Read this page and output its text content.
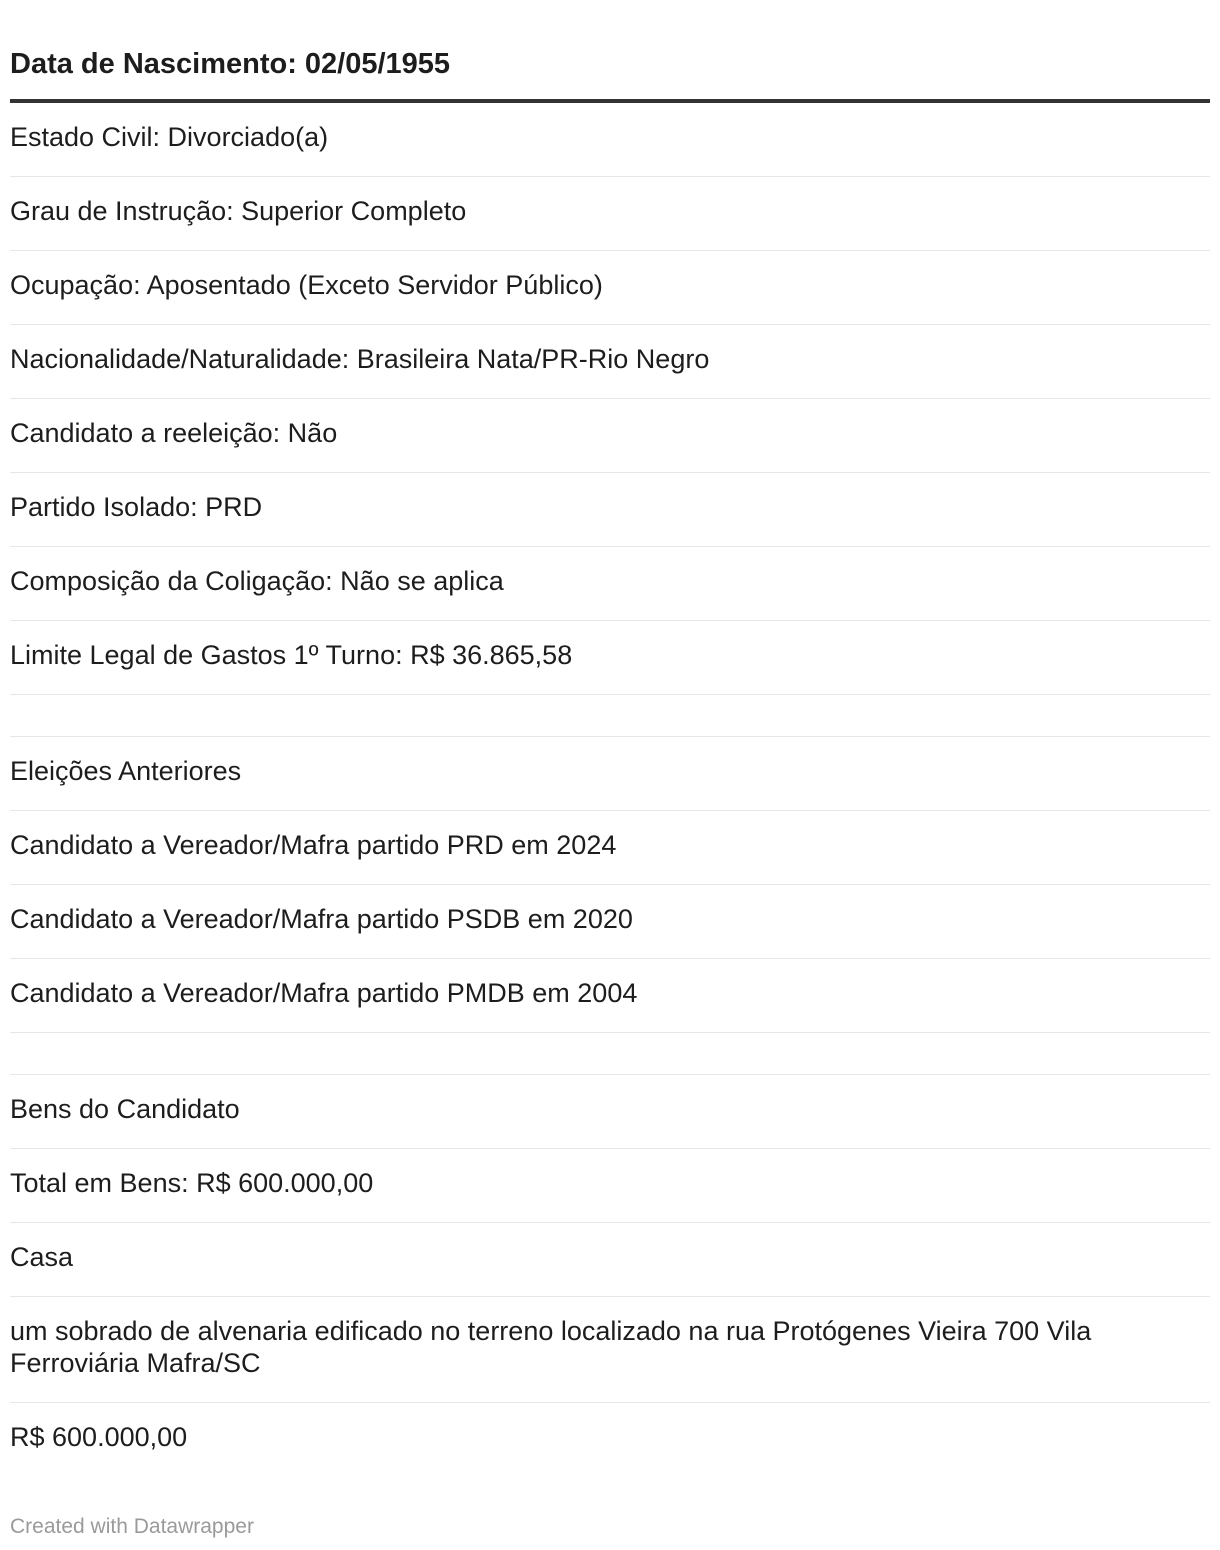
Data de Nascimento: 02/05/1955
Estado Civil: Divorciado(a)
Grau de Instrução: Superior Completo
Ocupação: Aposentado (Exceto Servidor Público)
Nacionalidade/Naturalidade: Brasileira Nata/PR-Rio Negro
Candidato a reeleição: Não
Partido Isolado: PRD
Composição da Coligação: Não se aplica
Limite Legal de Gastos 1º Turno: R$ 36.865,58
Eleições Anteriores
Candidato a Vereador/Mafra partido PRD em 2024
Candidato a Vereador/Mafra partido PSDB em 2020
Candidato a Vereador/Mafra partido PMDB em 2004
Bens do Candidato
Total em Bens: R$ 600.000,00
Casa
um sobrado de alvenaria edificado no terreno localizado na rua Protógenes Vieira 700 Vila Ferroviária Mafra/SC
R$ 600.000,00
Created with Datawrapper
